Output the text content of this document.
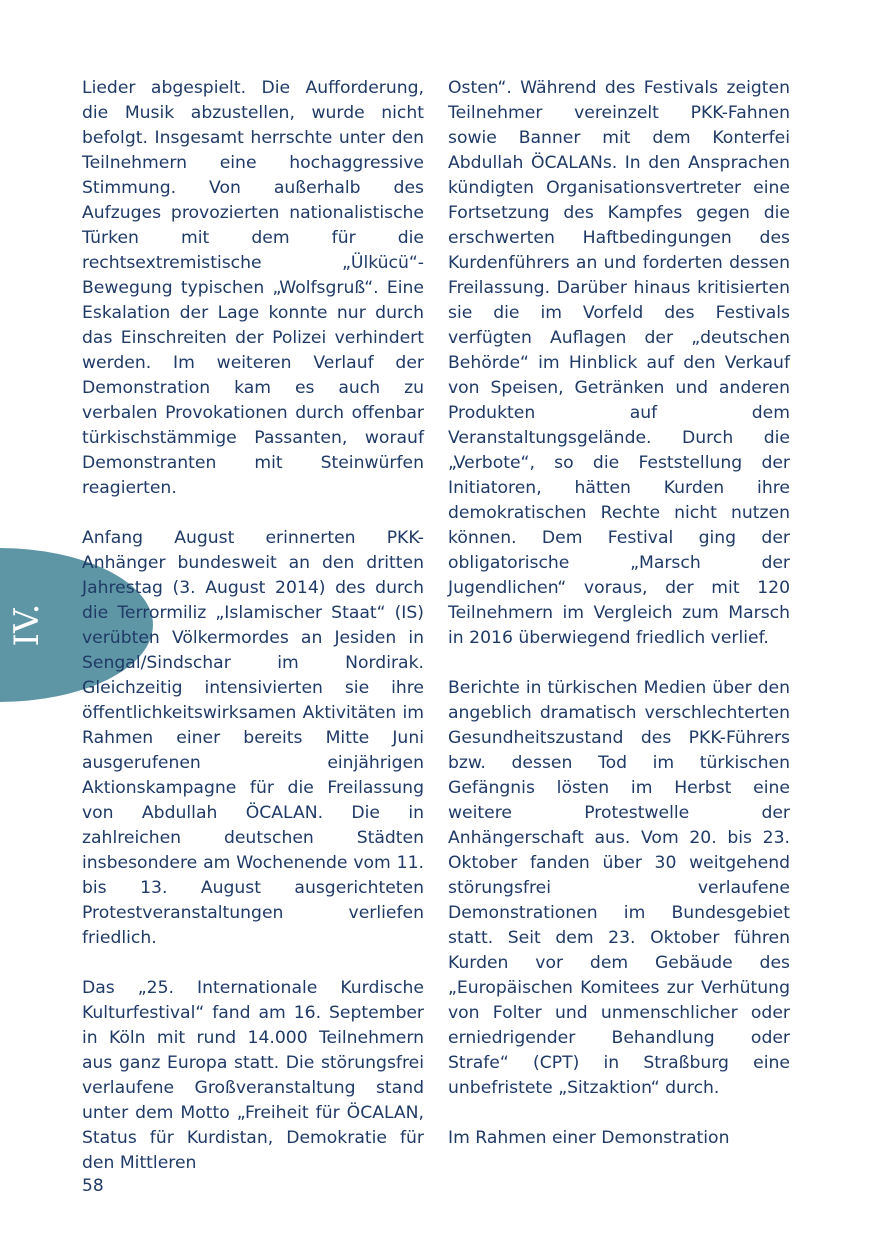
IV.

Lieder abgespielt. Die Aufforderung, die Musik abzustellen, wurde nicht befolgt. Insgesamt herrschte unter den Teilnehmern eine hochaggressive Stimmung. Von außerhalb des Aufzuges provozierten nationalistische Türken mit dem für die rechtsextremistische „Ülkücü“-Bewegung typischen „Wolfsgruß“. Eine Eskalation der Lage konnte nur durch das Einschreiten der Polizei verhindert werden. Im weiteren Verlauf der Demonstration kam es auch zu verbalen Provokationen durch offenbar türkischstämmige Passanten, worauf Demonstranten mit Steinwürfen reagierten.

Anfang August erinnerten PKK-Anhänger bundesweit an den dritten Jahrestag (3. August 2014) des durch die Terrormiliz „Islamischer Staat“ (IS) verübten Völkermordes an Jesiden in Sengal/Sindschar im Nordirak. Gleichzeitig intensivierten sie ihre öffentlichkeitswirksamen Aktivitäten im Rahmen einer bereits Mitte Juni ausgerufenen einjährigen Aktionskampagne für die Freilassung von Abdullah ÖCALAN. Die in zahlreichen deutschen Städten insbesondere am Wochenende vom 11. bis 13. August ausgerichteten Protestveranstaltungen verliefen friedlich.

Das „25. Internationale Kurdische Kulturfestival“ fand am 16. September in Köln mit rund 14.000 Teilnehmern aus ganz Europa statt. Die störungsfrei verlaufene Großveranstaltung stand unter dem Motto „Freiheit für ÖCALAN, Status für Kurdistan, Demokratie für den Mittleren

Osten“. Während des Festivals zeigten Teilnehmer vereinzelt PKK-Fahnen sowie Banner mit dem Konterfei Abdullah ÖCALANs. In den Ansprachen kündigten Organisationsvertreter eine Fortsetzung des Kampfes gegen die erschwerten Haftbedingungen des Kurdenführers an und forderten dessen Freilassung. Darüber hinaus kritisierten sie die im Vorfeld des Festivals verfügten Auflagen der „deutschen Behörde“ im Hinblick auf den Verkauf von Speisen, Getränken und anderen Produkten auf dem Veranstaltungsgelände. Durch die „Verbote“, so die Feststellung der Initiatoren, hätten Kurden ihre demokratischen Rechte nicht nutzen können. Dem Festival ging der obligatorische „Marsch der Jugendlichen“ voraus, der mit 120 Teilnehmern im Vergleich zum Marsch in 2016 überwiegend friedlich verlief.

Berichte in türkischen Medien über den angeblich dramatisch verschlechterten Gesundheitszustand des PKK-Führers bzw. dessen Tod im türkischen Gefängnis lösten im Herbst eine weitere Protestwelle der Anhängerschaft aus. Vom 20. bis 23. Oktober fanden über 30 weitgehend störungsfrei verlaufene Demonstrationen im Bundesgebiet statt. Seit dem 23. Oktober führen Kurden vor dem Gebäude des „Europäischen Komitees zur Verhütung von Folter und unmenschlicher oder erniedrigender Behandlung oder Strafe“ (CPT) in Straßburg eine unbefristete „Sitzaktion“ durch.

Im Rahmen einer Demonstration

58
